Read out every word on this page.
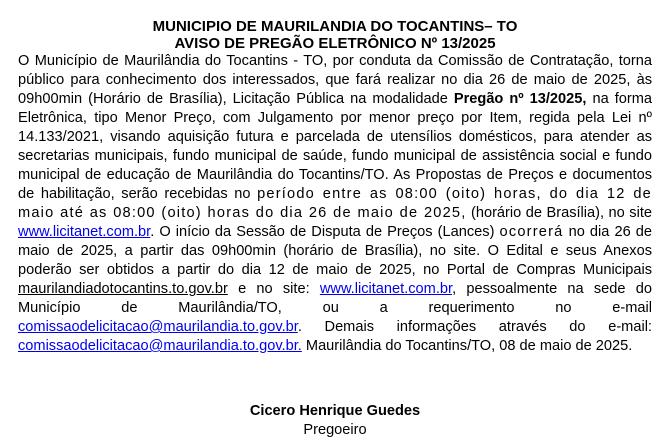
MUNICIPIO DE MAURILANDIA DO TOCANTINS– TO
AVISO DE PREGÃO ELETRÔNICO Nº 13/2025

O Município de Maurilândia do Tocantins - TO, por conduta da Comissão de Contratação, torna público para conhecimento dos interessados, que fará realizar no dia 26 de maio de 2025, às 09h00min (Horário de Brasília), Licitação Pública na modalidade Pregão nº 13/2025, na forma Eletrônica, tipo Menor Preço, com Julgamento por menor preço por Item, regida pela Lei nº 14.133/2021, visando aquisição futura e parcelada de utensílios domésticos, para atender as secretarias municipais, fundo municipal de saúde, fundo municipal de assistência social e fundo municipal de educação de Maurilândia do Tocantins/TO. As Propostas de Preços e documentos de habilitação, serão recebidas no período entre as 08:00 (oito) horas, do dia 12 de maio até as 08:00 (oito) horas do dia 26 de maio de 2025, (horário de Brasília), no site www.licitanet.com.br. O início da Sessão de Disputa de Preços (Lances) ocorrerá no dia 26 de maio de 2025, a partir das 09h00min (horário de Brasília), no site. O Edital e seus Anexos poderão ser obtidos a partir do dia 12 de maio de 2025, no Portal de Compras Municipais maurilandiadotocantins.to.gov.br e no site: www.licitanet.com.br, pessoalmente na sede do Município de Maurilândia/TO, ou a requerimento no e-mail comissaodelicitacao@maurilandia.to.gov.br. Demais informações através do e-mail: comissaodelicitacao@maurilandia.to.gov.br. Maurilândia do Tocantins/TO, 08 de maio de 2025.

Cicero Henrique Guedes
Pregoeiro
